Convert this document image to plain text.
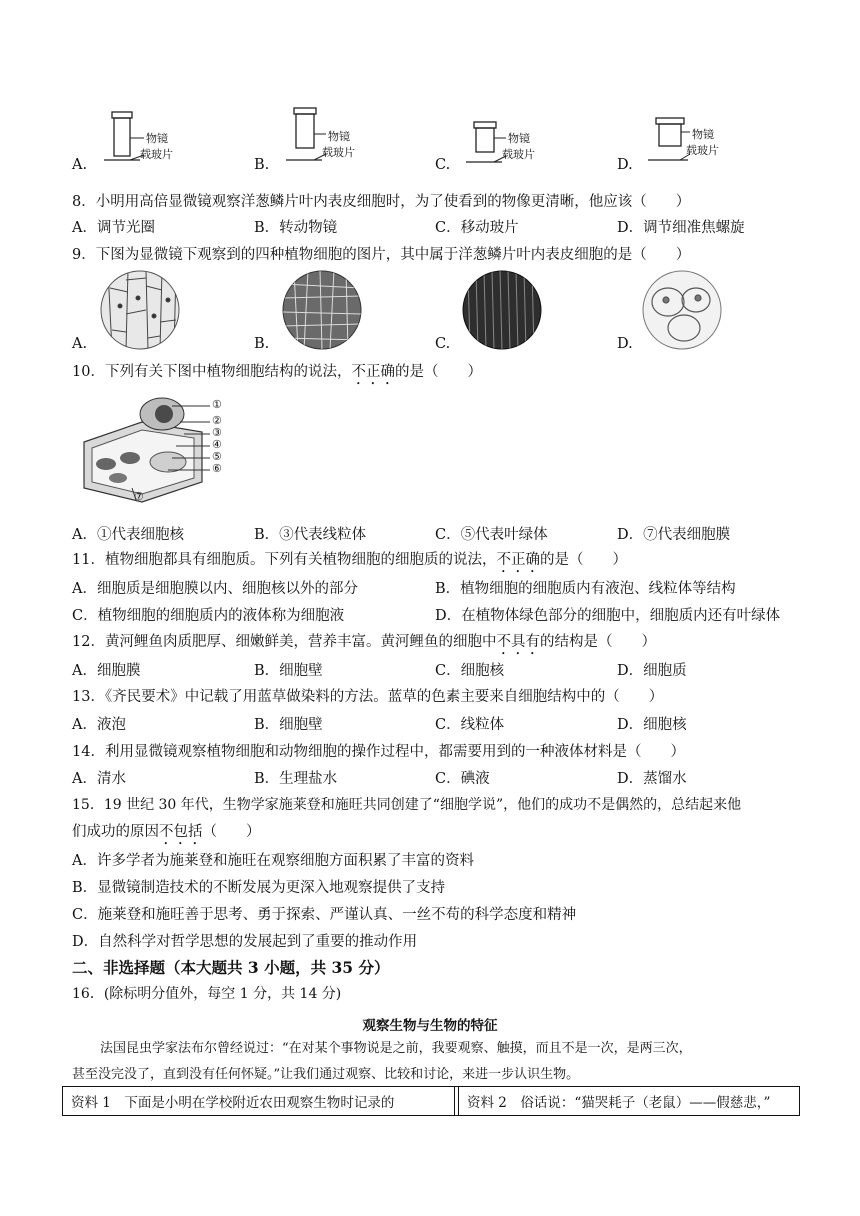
A.
物镜
载玻片
B.
物镜
载玻片
C.
物镜
载玻片
D.
物镜
载玻片
8．小明用高倍显微镜观察洋葱鳞片叶内表皮细胞时，为了使看到的物像更清晰，他应该（　　）
A．调节光圈	B．转动物镜	C．移动玻片	D．调节细准焦螺旋
9．下图为显微镜下观察到的四种植物细胞的图片，其中属于洋葱鳞片叶内表皮细胞的是（　　）
A.	B.	C.	D.
10．下列有关下图中植物细胞结构的说法，不正确的是（　　）
①
②
③
④
⑤
⑥
⑦
A．①代表细胞核	B．③代表线粒体	C．⑤代表叶绿体	D．⑦代表细胞膜
11．植物细胞都具有细胞质。下列有关植物细胞的细胞质的说法，不正确的是（　　）
A．细胞质是细胞膜以内、细胞核以外的部分	B．植物细胞的细胞质内有液泡、线粒体等结构
C．植物细胞的细胞质内的液体称为细胞液	D．在植物体绿色部分的细胞中，细胞质内还有叶绿体
12．黄河鲤鱼肉质肥厚、细嫩鲜美，营养丰富。黄河鲤鱼的细胞中不具有的结构是（　　）
A．细胞膜	B．细胞壁	C．细胞核	D．细胞质
13．《齐民要术》中记载了用蓝草做染料的方法。蓝草的色素主要来自细胞结构中的（　　）
A．液泡	B．细胞壁	C．线粒体	D．细胞核
14．利用显微镜观察植物细胞和动物细胞的操作过程中，都需要用到的一种液体材料是（　　）
A．清水	B．生理盐水	C．碘液	D．蒸馏水
15．19 世纪 30 年代，生物学家施莱登和施旺共同创建了“细胞学说”，他们的成功不是偶然的，总结起来他
们成功的原因不包括（　　）
A．许多学者为施莱登和施旺在观察细胞方面积累了丰富的资料
B．显微镜制造技术的不断发展为更深入地观察提供了支持
C．施莱登和施旺善于思考、勇于探索、严谨认真、一丝不苟的科学态度和精神
D．自然科学对哲学思想的发展起到了重要的推动作用
二、非选择题（本大题共 3 小题，共 35 分）
16．(除标明分值外，每空 1 分，共 14 分)
观察生物与生物的特征
法国昆虫学家法布尔曾经说过：“在对某个事物说是之前，我要观察、触摸，而且不是一次，是两三次，
甚至没完没了，直到没有任何怀疑。”让我们通过观察、比较和讨论，来进一步认识生物。
资料 1　下面是小明在学校附近农田观察生物时记录的	资料 2　俗话说：“猫哭耗子（老鼠）——假慈悲，”
